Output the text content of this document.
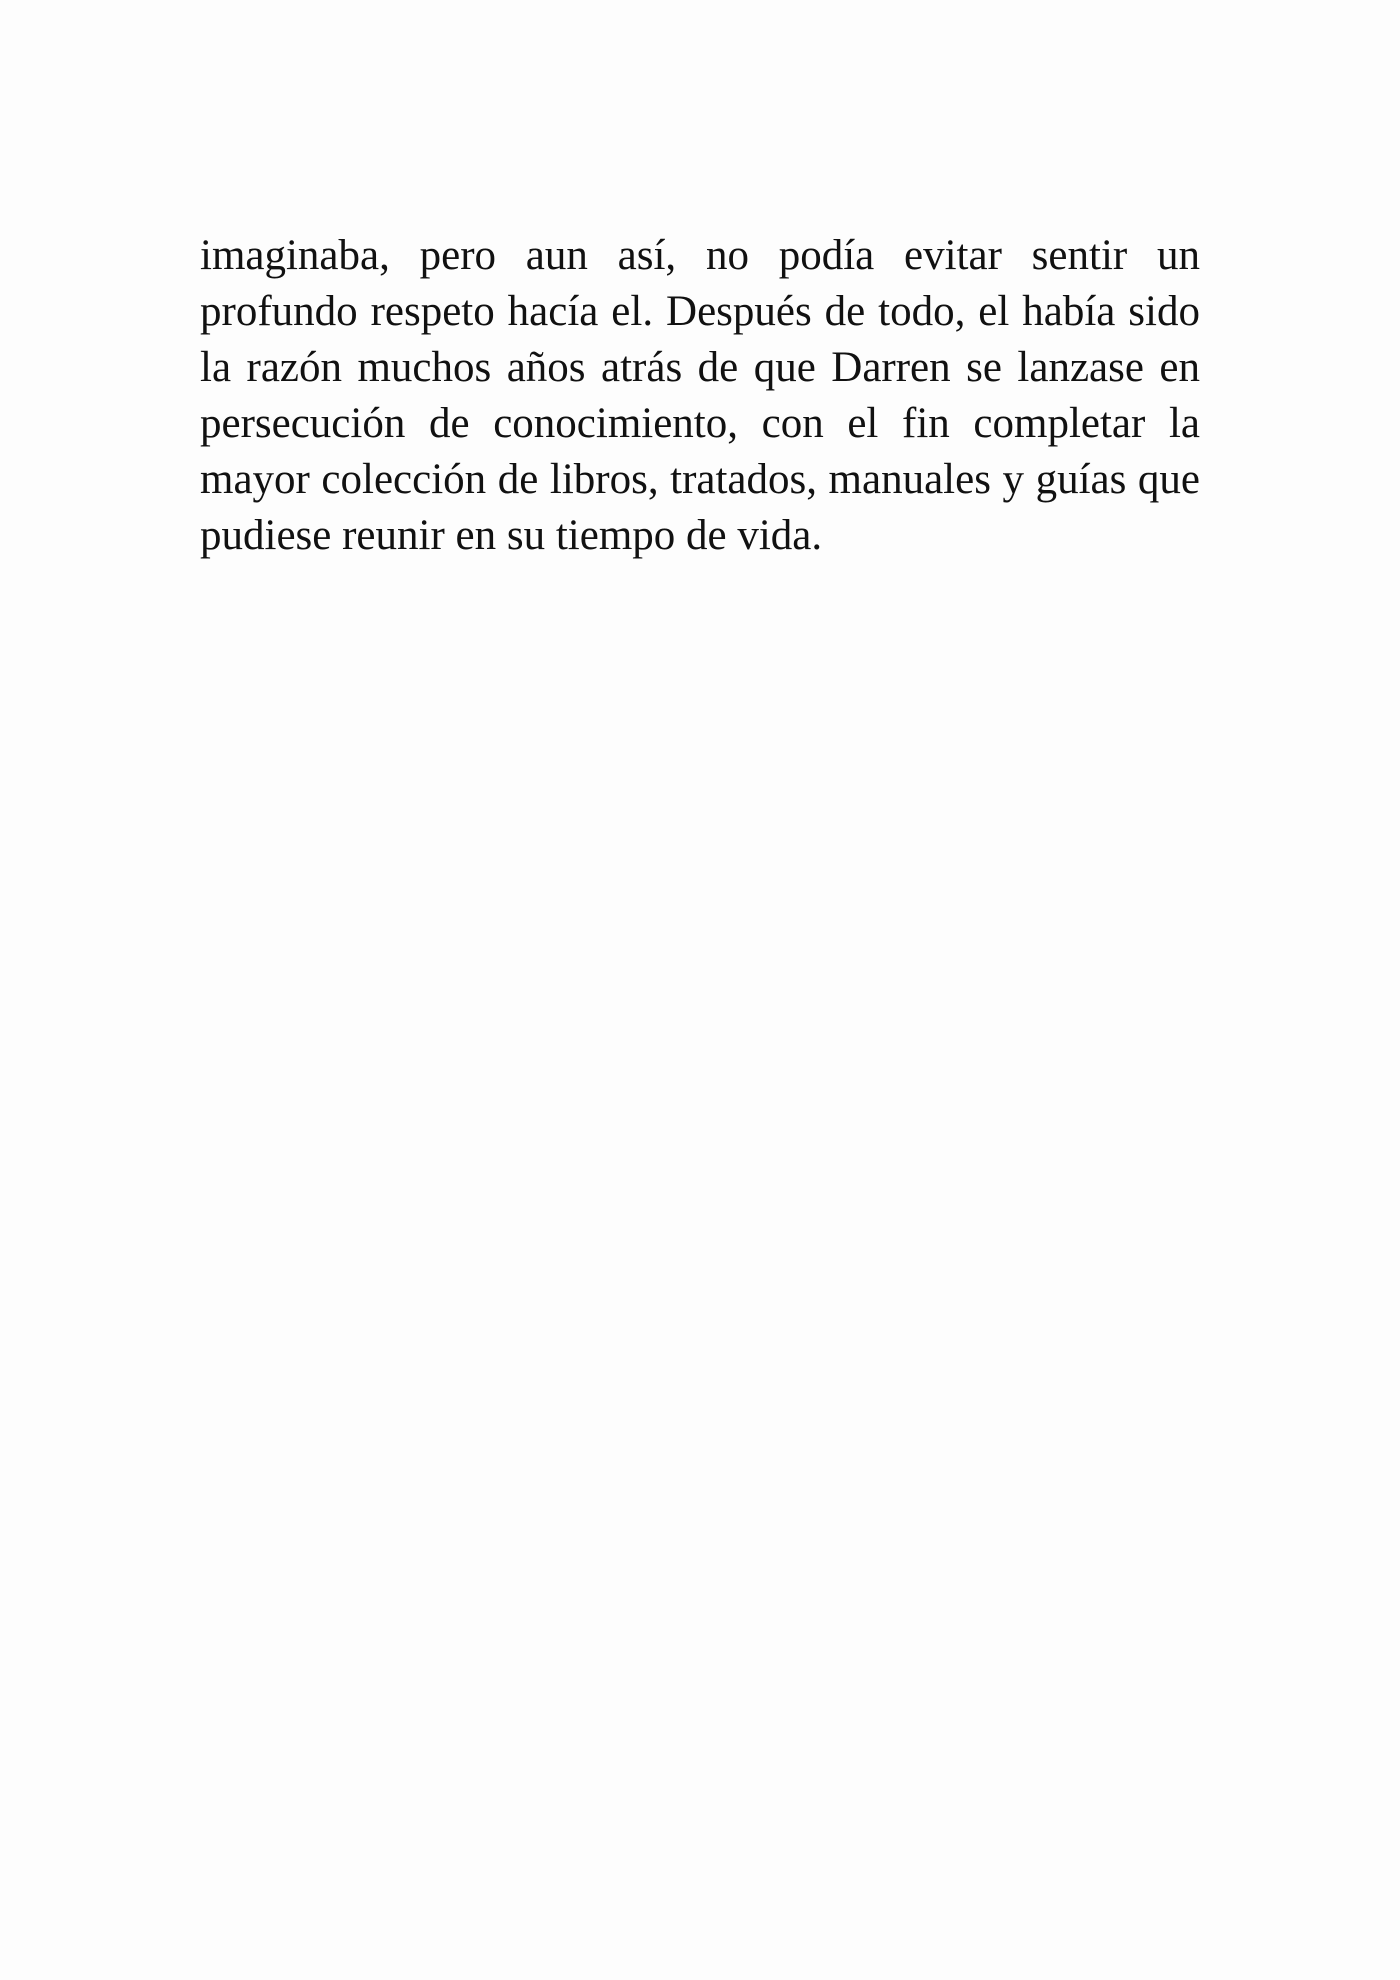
imaginaba, pero aun así, no podía evitar sentir un
profundo respeto hacía el. Después de todo, el había sido
la razón muchos años atrás de que Darren se lanzase en
persecución de conocimiento, con el fin completar la
mayor colección de libros, tratados, manuales y guías que
pudiese reunir en su tiempo de vida.
